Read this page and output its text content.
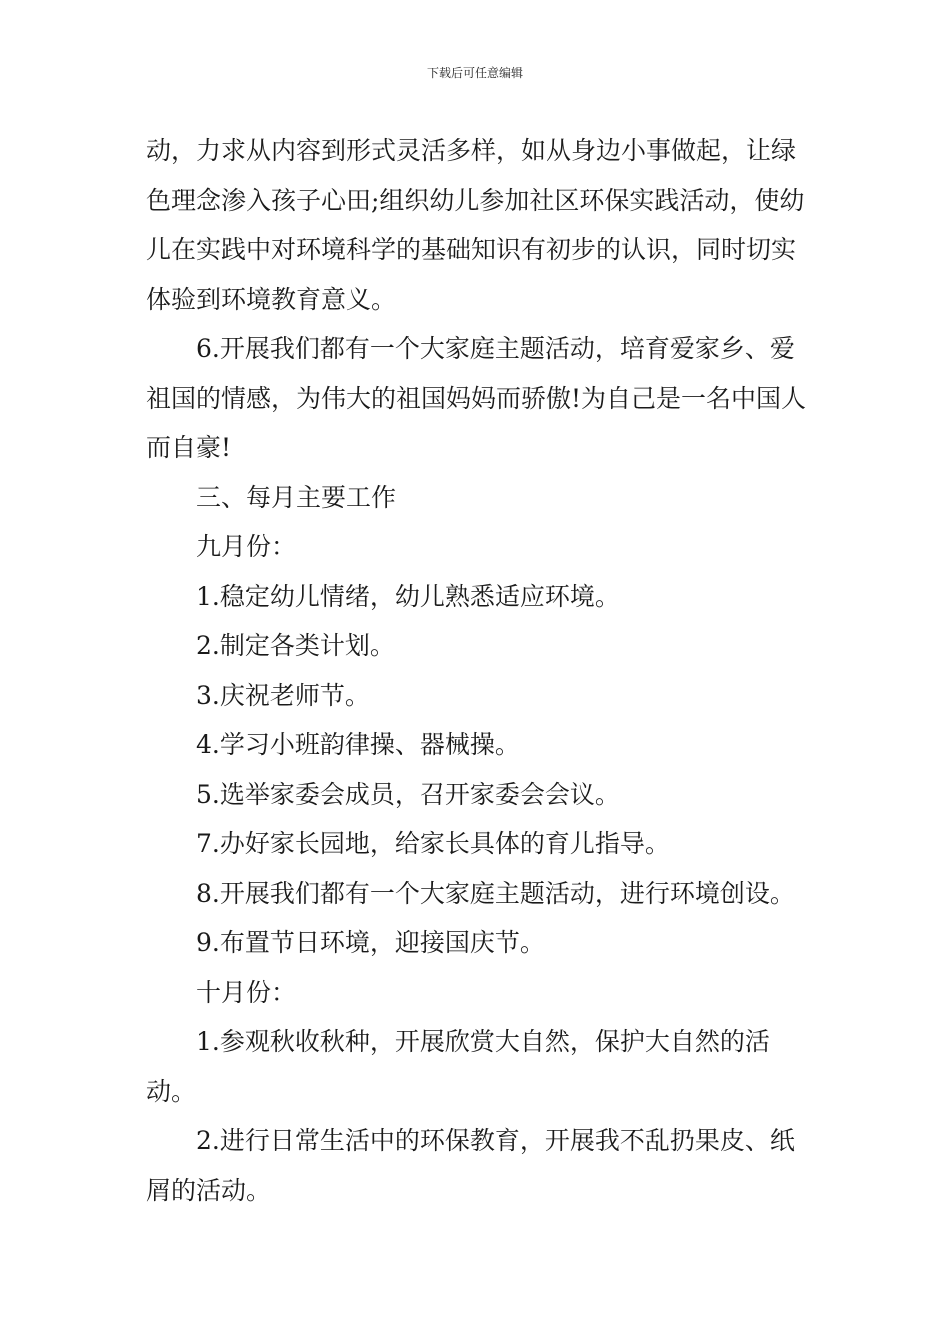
下载后可任意编辑

动，力求从内容到形式灵活多样，如从身边小事做起，让绿色理念渗入孩子心田;组织幼儿参加社区环保实践活动，使幼儿在实践中对环境科学的基础知识有初步的认识，同时切实体验到环境教育意义。

6.开展我们都有一个大家庭主题活动，培育爱家乡、爱祖国的情感，为伟大的祖国妈妈而骄傲!为自己是一名中国人而自豪!

三、每月主要工作

九月份：

1.稳定幼儿情绪，幼儿熟悉适应环境。

2.制定各类计划。

3.庆祝老师节。

4.学习小班韵律操、器械操。

5.选举家委会成员，召开家委会会议。

7.办好家长园地，给家长具体的育儿指导。

8.开展我们都有一个大家庭主题活动，进行环境创设。

9.布置节日环境，迎接国庆节。

十月份：

1.参观秋收秋种，开展欣赏大自然，保护大自然的活动。

2.进行日常生活中的环保教育，开展我不乱扔果皮、纸屑的活动。
